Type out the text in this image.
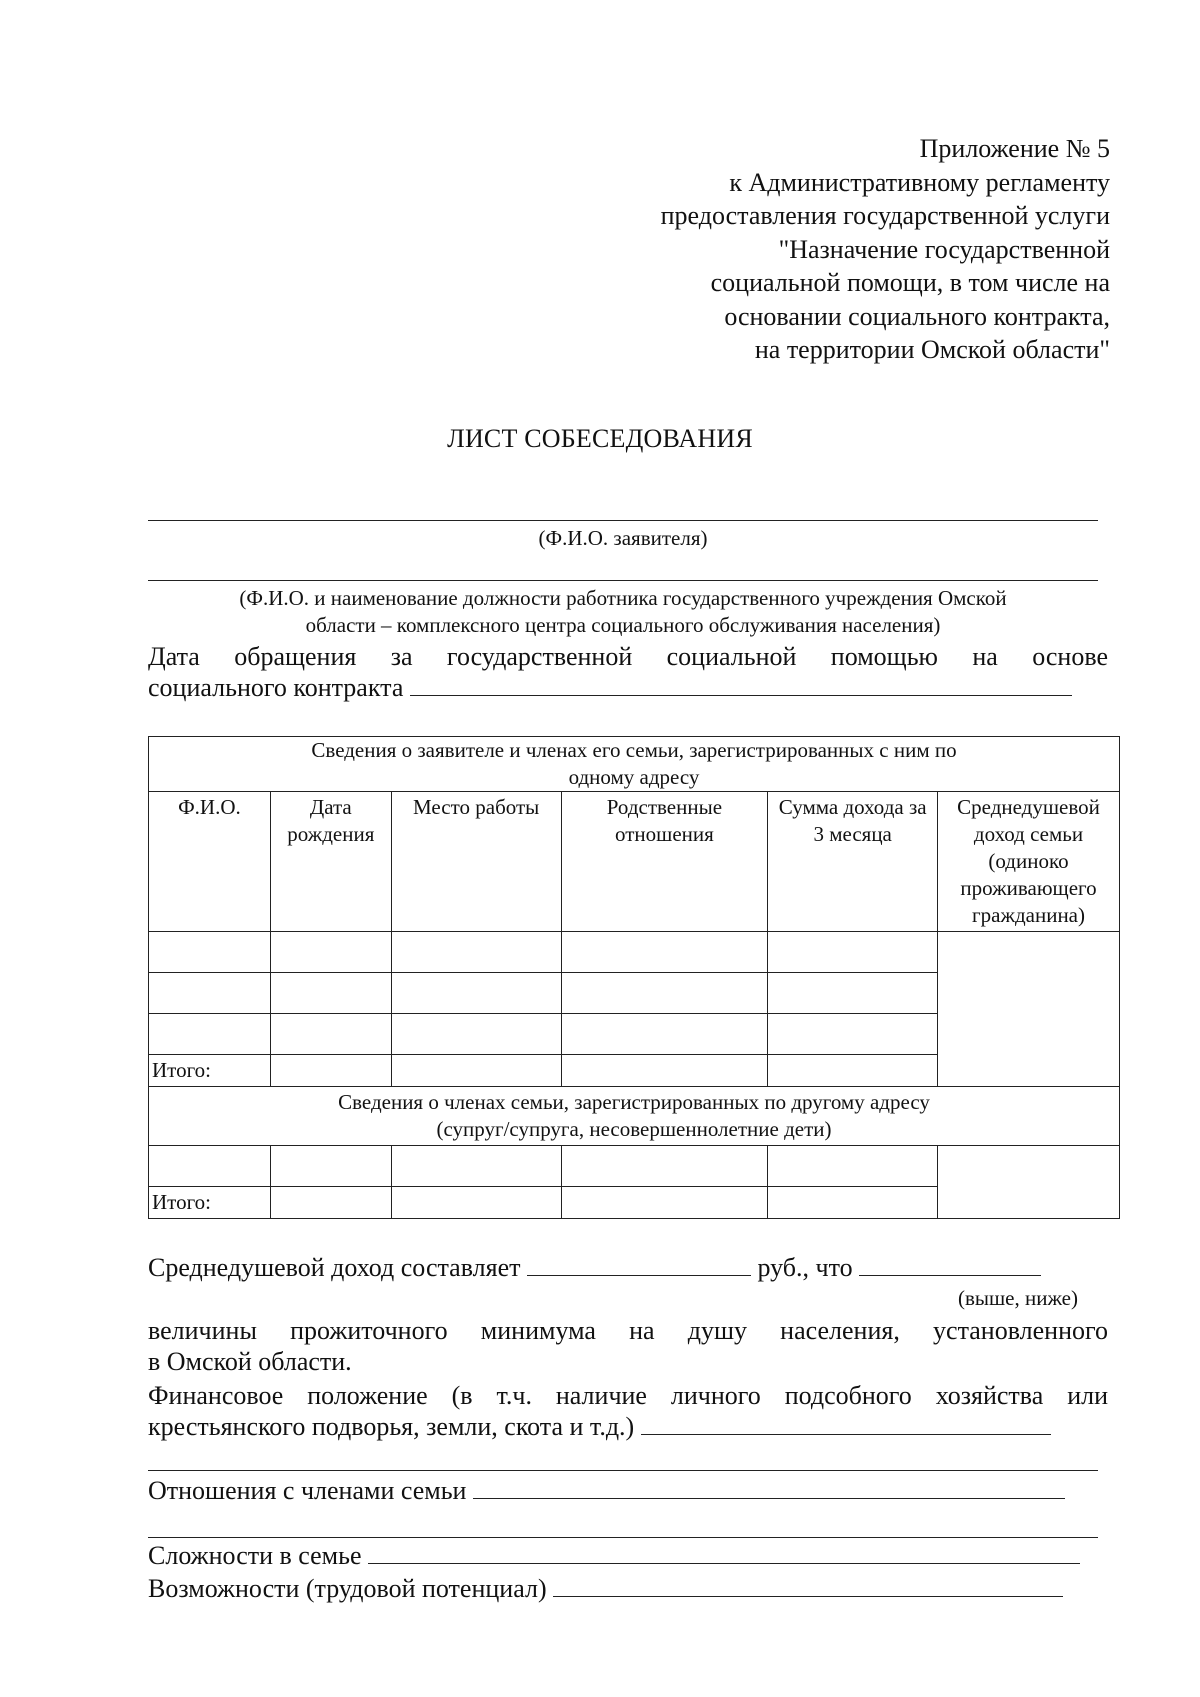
Приложение № 5
к Административному регламенту
предоставления государственной услуги
"Назначение государственной
социальной помощи, в том числе на
основании социального контракта,
на территории Омской области"
ЛИСТ СОБЕСЕДОВАНИЯ
(Ф.И.О. заявителя)
(Ф.И.О. и наименование должности работника государственного учреждения Омской
области – комплексного центра социального обслуживания населения)
Дата обращения за государственной социальной помощью на основе
социального контракта
Сведения о заявителе и членах его семьи, зарегистрированных с ним по
одному адресу					

Ф.И.О.	Дата рождения	Место работы	Родственные отношения	Сумма дохода за 3 месяца	Среднедушевой доход семьи (одиноко проживающего гражданина)

Итого:					

Сведения о членах семьи, зарегистрированных по другому адресу
(супруг/супруга, несовершеннолетние дети)					

Итого:					
Среднедушевой доход составляет	руб., что
(выше, ниже)
величины прожиточного минимума на душу населения, установленного
в Омской области.
Финансовое положение (в т.ч. наличие личного подсобного хозяйства или
крестьянского подворья, земли, скота и т.д.)
Отношения с членами семьи
Сложности в семье
Возможности (трудовой потенциал)
